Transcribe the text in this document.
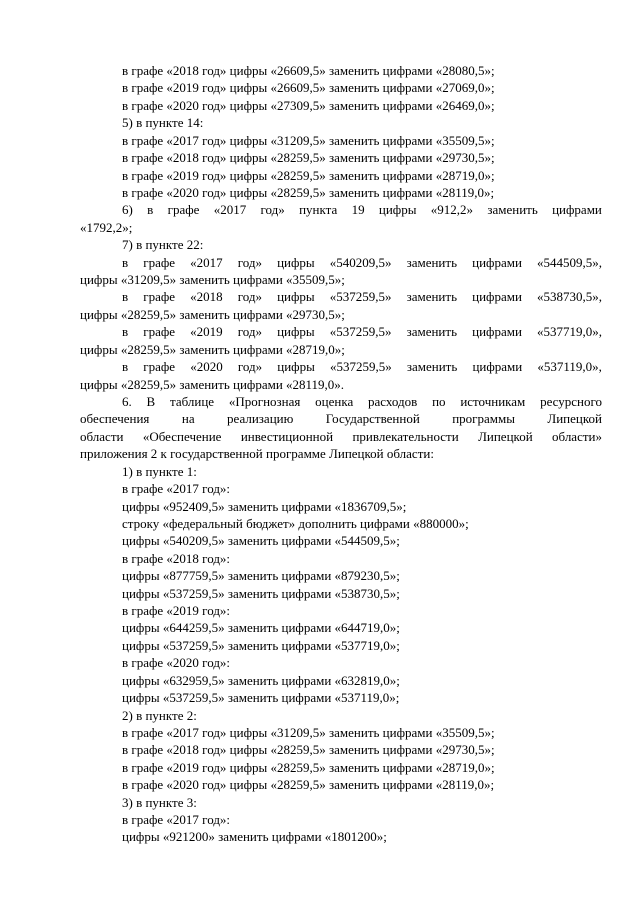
в графе «2018 год» цифры «26609,5» заменить цифрами «28080,5»;
в графе «2019 год» цифры «26609,5» заменить цифрами «27069,0»;
в графе «2020 год» цифры «27309,5» заменить цифрами «26469,0»;
5) в пункте 14:
в графе «2017 год» цифры «31209,5» заменить цифрами «35509,5»;
в графе «2018 год» цифры «28259,5» заменить цифрами «29730,5»;
в графе «2019 год» цифры «28259,5» заменить цифрами «28719,0»;
в графе «2020 год» цифры «28259,5» заменить цифрами «28119,0»;
6) в графе «2017 год» пункта 19 цифры «912,2» заменить цифрами
«1792,2»;
7) в пункте 22:
в графе «2017 год» цифры «540209,5» заменить цифрами «544509,5»,
цифры «31209,5» заменить цифрами «35509,5»;
в графе «2018 год» цифры «537259,5» заменить цифрами «538730,5»,
цифры «28259,5» заменить цифрами «29730,5»;
в графе «2019 год» цифры «537259,5» заменить цифрами «537719,0»,
цифры «28259,5» заменить цифрами «28719,0»;
в графе «2020 год» цифры «537259,5» заменить цифрами «537119,0»,
цифры «28259,5» заменить цифрами «28119,0».
6. В таблице «Прогнозная оценка расходов по источникам ресурсного
обеспечения на реализацию Государственной программы Липецкой
области «Обеспечение инвестиционной привлекательности Липецкой области»
приложения 2 к государственной программе Липецкой области:
1) в пункте 1:
в графе «2017 год»:
цифры «952409,5» заменить цифрами «1836709,5»;
строку «федеральный бюджет» дополнить цифрами «880000»;
цифры «540209,5» заменить цифрами «544509,5»;
в графе «2018 год»:
цифры «877759,5» заменить цифрами «879230,5»;
цифры «537259,5» заменить цифрами «538730,5»;
в графе «2019 год»:
цифры «644259,5» заменить цифрами «644719,0»;
цифры «537259,5» заменить цифрами «537719,0»;
в графе «2020 год»:
цифры «632959,5» заменить цифрами «632819,0»;
цифры «537259,5» заменить цифрами «537119,0»;
2) в пункте 2:
в графе «2017 год» цифры «31209,5» заменить цифрами «35509,5»;
в графе «2018 год» цифры «28259,5» заменить цифрами «29730,5»;
в графе «2019 год» цифры «28259,5» заменить цифрами «28719,0»;
в графе «2020 год» цифры «28259,5» заменить цифрами «28119,0»;
3) в пункте 3:
в графе «2017 год»:
цифры «921200» заменить цифрами «1801200»;
